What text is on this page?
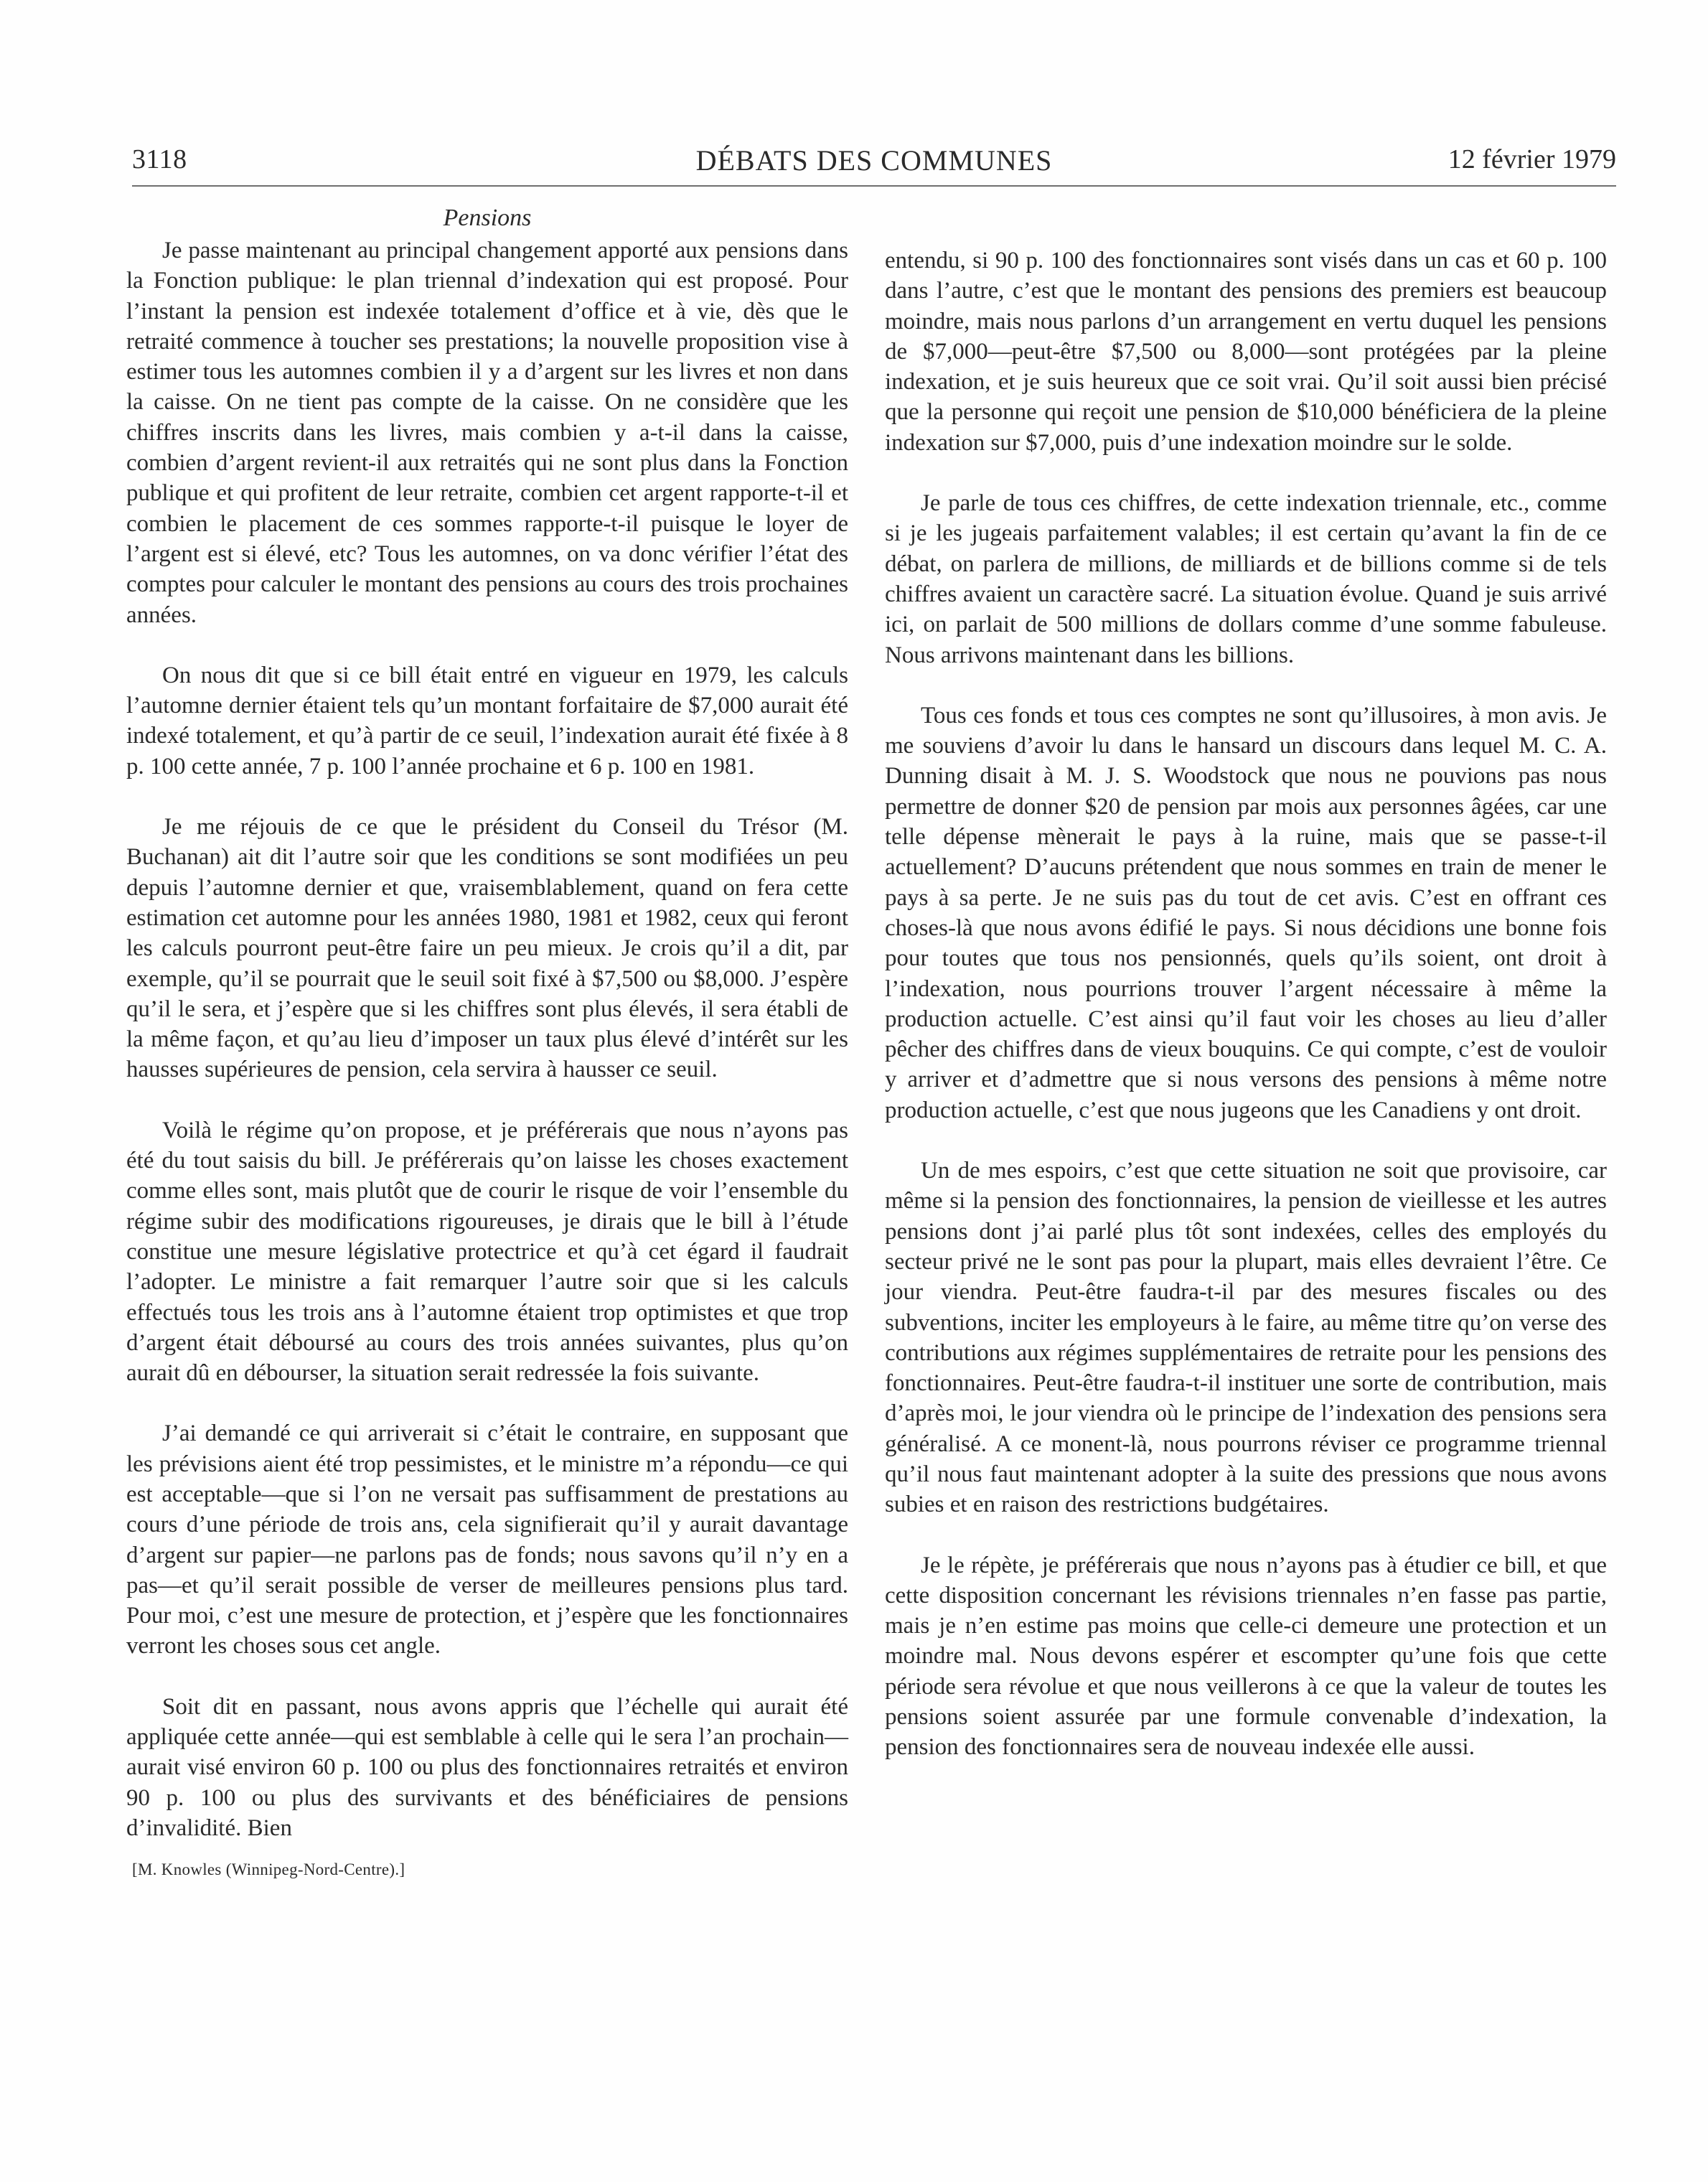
3118	DÉBATS DES COMMUNES	12 février 1979
Pensions

Je passe maintenant au principal changement apporté aux pensions dans la Fonction publique: le plan triennal d’indexation qui est proposé. Pour l’instant la pension est indexée totalement d’office et à vie, dès que le retraité commence à toucher ses prestations; la nouvelle proposition vise à estimer tous les automnes combien il y a d’argent sur les livres et non dans la caisse. On ne tient pas compte de la caisse. On ne considère que les chiffres inscrits dans les livres, mais combien y a-t-il dans la caisse, combien d’argent revient-il aux retraités qui ne sont plus dans la Fonction publique et qui profitent de leur retraite, combien cet argent rapporte-t-il et combien le placement de ces sommes rapporte-t-il puisque le loyer de l’argent est si élevé, etc? Tous les automnes, on va donc vérifier l’état des comptes pour calculer le montant des pensions au cours des trois prochaines années.

On nous dit que si ce bill était entré en vigueur en 1979, les calculs l’automne dernier étaient tels qu’un montant forfaitaire de $7,000 aurait été indexé totalement, et qu’à partir de ce seuil, l’indexation aurait été fixée à 8 p. 100 cette année, 7 p. 100 l’année prochaine et 6 p. 100 en 1981.

Je me réjouis de ce que le président du Conseil du Trésor (M. Buchanan) ait dit l’autre soir que les conditions se sont modifiées un peu depuis l’automne dernier et que, vraisemblablement, quand on fera cette estimation cet automne pour les années 1980, 1981 et 1982, ceux qui feront les calculs pourront peut-être faire un peu mieux. Je crois qu’il a dit, par exemple, qu’il se pourrait que le seuil soit fixé à $7,500 ou $8,000. J’espère qu’il le sera, et j’espère que si les chiffres sont plus élevés, il sera établi de la même façon, et qu’au lieu d’imposer un taux plus élevé d’intérêt sur les hausses supérieures de pension, cela servira à hausser ce seuil.

Voilà le régime qu’on propose, et je préférerais que nous n’ayons pas été du tout saisis du bill. Je préférerais qu’on laisse les choses exactement comme elles sont, mais plutôt que de courir le risque de voir l’ensemble du régime subir des modifications rigoureuses, je dirais que le bill à l’étude constitue une mesure législative protectrice et qu’à cet égard il faudrait l’adopter. Le ministre a fait remarquer l’autre soir que si les calculs effectués tous les trois ans à l’automne étaient trop optimistes et que trop d’argent était déboursé au cours des trois années suivantes, plus qu’on aurait dû en débourser, la situation serait redressée la fois suivante.

J’ai demandé ce qui arriverait si c’était le contraire, en supposant que les prévisions aient été trop pessimistes, et le ministre m’a répondu—ce qui est acceptable—que si l’on ne versait pas suffisamment de prestations au cours d’une période de trois ans, cela signifierait qu’il y aurait davantage d’argent sur papier—ne parlons pas de fonds; nous savons qu’il n’y en a pas—et qu’il serait possible de verser de meilleures pensions plus tard. Pour moi, c’est une mesure de protection, et j’espère que les fonctionnaires verront les choses sous cet angle.

Soit dit en passant, nous avons appris que l’échelle qui aurait été appliquée cette année—qui est semblable à celle qui le sera l’an prochain—aurait visé environ 60 p. 100 ou plus des fonctionnaires retraités et environ 90 p. 100 ou plus des survivants et des bénéficiaires de pensions d’invalidité. Bien

[M. Knowles (Winnipeg-Nord-Centre).]

entendu, si 90 p. 100 des fonctionnaires sont visés dans un cas et 60 p. 100 dans l’autre, c’est que le montant des pensions des premiers est beaucoup moindre, mais nous parlons d’un arrangement en vertu duquel les pensions de $7,000—peut-être $7,500 ou 8,000—sont protégées par la pleine indexation, et je suis heureux que ce soit vrai. Qu’il soit aussi bien précisé que la personne qui reçoit une pension de $10,000 bénéficiera de la pleine indexation sur $7,000, puis d’une indexation moindre sur le solde.

Je parle de tous ces chiffres, de cette indexation triennale, etc., comme si je les jugeais parfaitement valables; il est certain qu’avant la fin de ce débat, on parlera de millions, de milliards et de billions comme si de tels chiffres avaient un caractère sacré. La situation évolue. Quand je suis arrivé ici, on parlait de 500 millions de dollars comme d’une somme fabuleuse. Nous arrivons maintenant dans les billions.

Tous ces fonds et tous ces comptes ne sont qu’illusoires, à mon avis. Je me souviens d’avoir lu dans le hansard un discours dans lequel M. C. A. Dunning disait à M. J. S. Woodstock que nous ne pouvions pas nous permettre de donner $20 de pension par mois aux personnes âgées, car une telle dépense mènerait le pays à la ruine, mais que se passe-t-il actuellement? D’aucuns prétendent que nous sommes en train de mener le pays à sa perte. Je ne suis pas du tout de cet avis. C’est en offrant ces choses-là que nous avons édifié le pays. Si nous décidions une bonne fois pour toutes que tous nos pensionnés, quels qu’ils soient, ont droit à l’indexation, nous pourrions trouver l’argent nécessaire à même la production actuelle. C’est ainsi qu’il faut voir les choses au lieu d’aller pêcher des chiffres dans de vieux bouquins. Ce qui compte, c’est de vouloir y arriver et d’admettre que si nous versons des pensions à même notre production actuelle, c’est que nous jugeons que les Canadiens y ont droit.

Un de mes espoirs, c’est que cette situation ne soit que provisoire, car même si la pension des fonctionnaires, la pension de vieillesse et les autres pensions dont j’ai parlé plus tôt sont indexées, celles des employés du secteur privé ne le sont pas pour la plupart, mais elles devraient l’être. Ce jour viendra. Peut-être faudra-t-il par des mesures fiscales ou des subventions, inciter les employeurs à le faire, au même titre qu’on verse des contributions aux régimes supplémentaires de retraite pour les pensions des fonctionnaires. Peut-être faudra-t-il instituer une sorte de contribution, mais d’après moi, le jour viendra où le principe de l’indexation des pensions sera généralisé. A ce monent-là, nous pourrons réviser ce programme triennal qu’il nous faut maintenant adopter à la suite des pressions que nous avons subies et en raison des restrictions budgétaires.

Je le répète, je préférerais que nous n’ayons pas à étudier ce bill, et que cette disposition concernant les révisions triennales n’en fasse pas partie, mais je n’en estime pas moins que celle-ci demeure une protection et un moindre mal. Nous devons espérer et escompter qu’une fois que cette période sera révolue et que nous veillerons à ce que la valeur de toutes les pensions soient assurée par une formule convenable d’indexation, la pension des fonctionnaires sera de nouveau indexée elle aussi.
